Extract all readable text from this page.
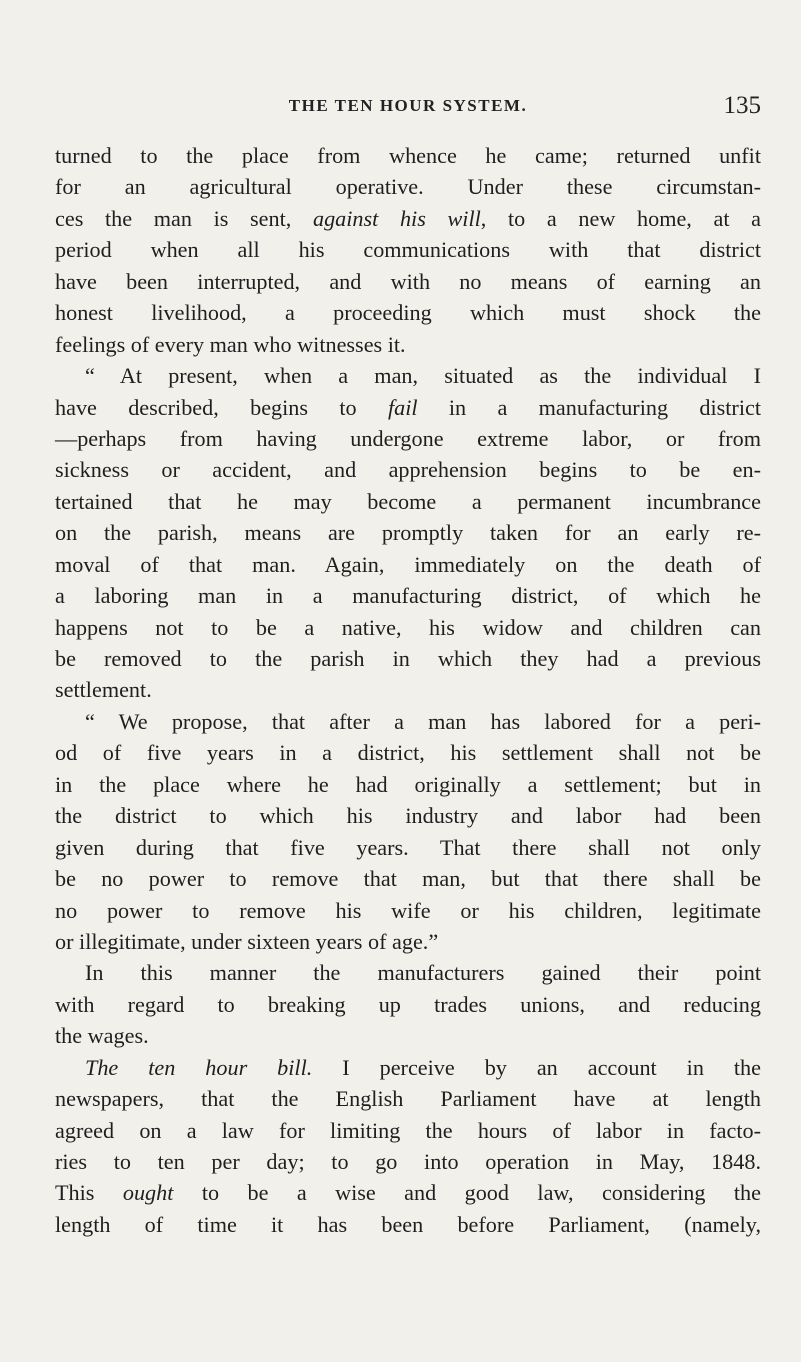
THE TEN HOUR SYSTEM.	135
turned to the place from whence he came; returned unfit
for an agricultural operative. Under these circumstan-
ces the man is sent, against his will, to a new home, at a
period when all his communications with that district
have been interrupted, and with no means of earning an
honest livelihood, a proceeding which must shock the
feelings of every man who witnesses it.
“ At present, when a man, situated as the individual I
have described, begins to fail in a manufacturing district
—perhaps from having undergone extreme labor, or from
sickness or accident, and apprehension begins to be en-
tertained that he may become a permanent incumbrance
on the parish, means are promptly taken for an early re-
moval of that man. Again, immediately on the death of
a laboring man in a manufacturing district, of which he
happens not to be a native, his widow and children can
be removed to the parish in which they had a previous
settlement.
“ We propose, that after a man has labored for a peri-
od of five years in a district, his settlement shall not be
in the place where he had originally a settlement; but in
the district to which his industry and labor had been
given during that five years. That there shall not only
be no power to remove that man, but that there shall be
no power to remove his wife or his children, legitimate
or illegitimate, under sixteen years of age.”
In this manner the manufacturers gained their point
with regard to breaking up trades unions, and reducing
the wages.
The ten hour bill. I perceive by an account in the
newspapers, that the English Parliament have at length
agreed on a law for limiting the hours of labor in facto-
ries to ten per day; to go into operation in May, 1848.
This ought to be a wise and good law, considering the
length of time it has been before Parliament, (namely,
